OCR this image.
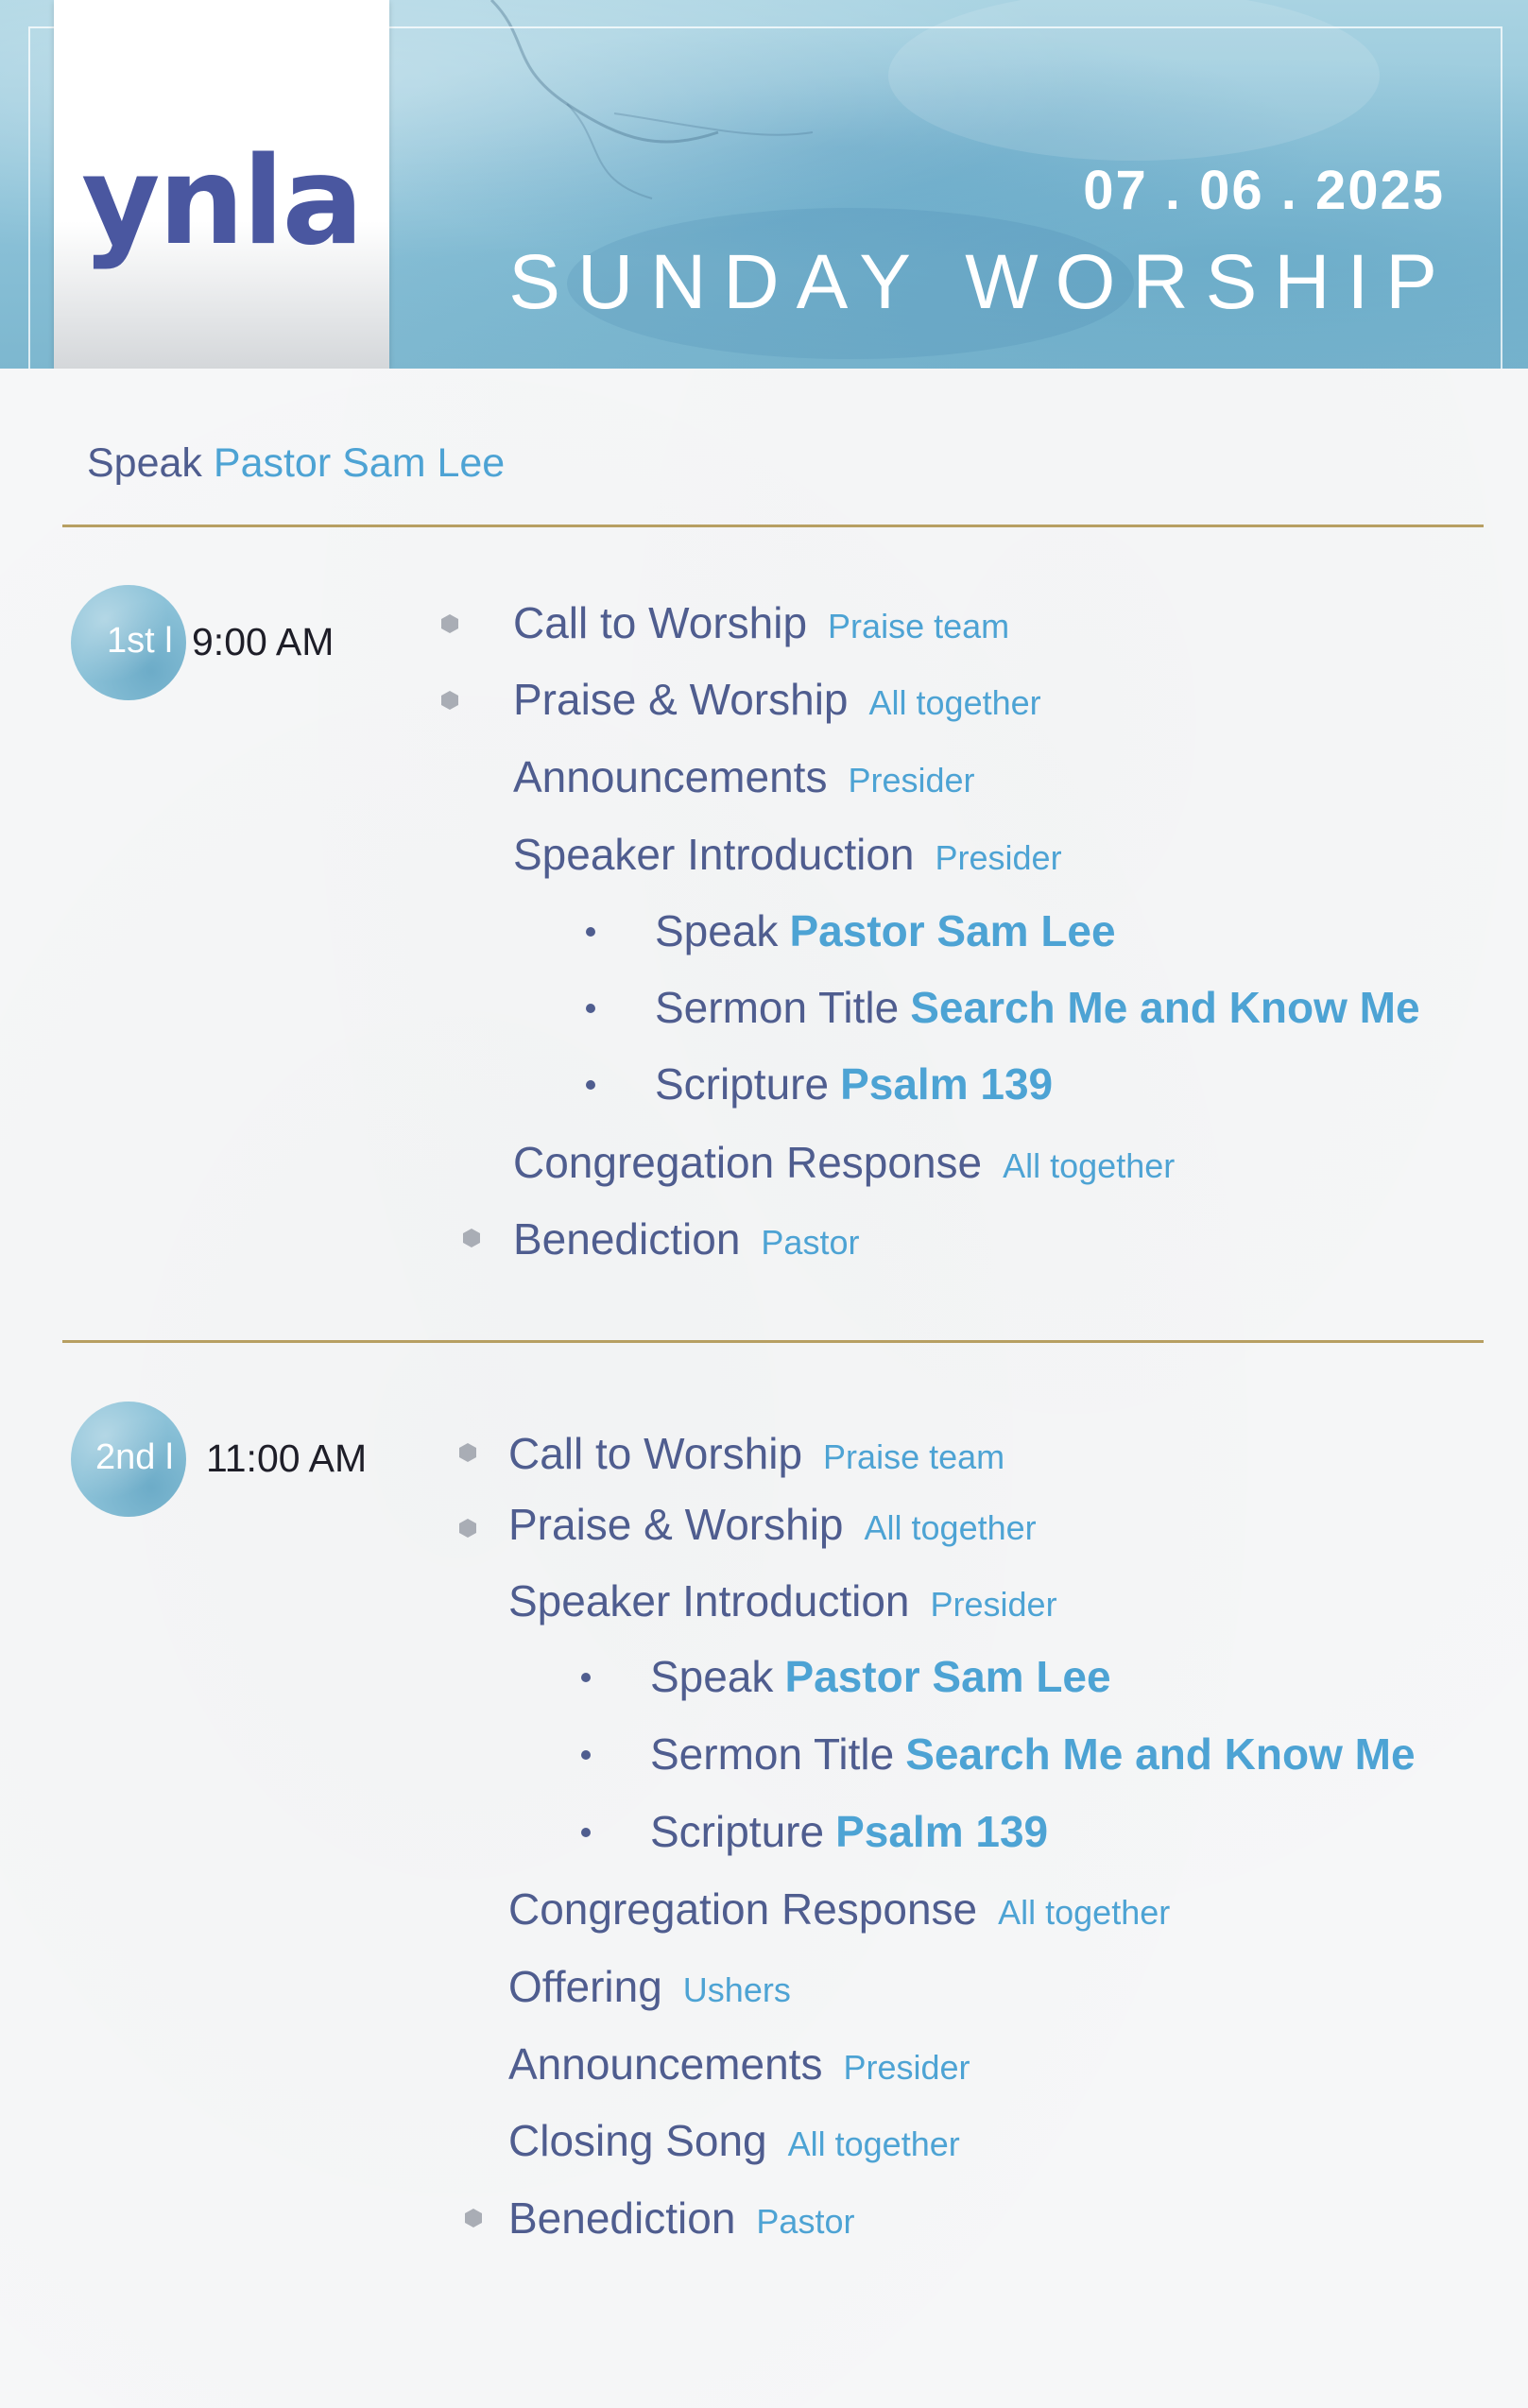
ynla	07 . 06 . 2025
SUNDAY WORSHIP
Speak Pastor Sam Lee
1st l 9:00 AM	Call to Worship Praise team
Praise & Worship All together
Announcements Presider
Speaker Introduction Presider
Speak Pastor Sam Lee
Sermon Title Search Me and Know Me
Scripture Psalm 139
Congregation Response All together
Benediction Pastor
2nd l 11:00 AM	Call to Worship Praise team
Praise & Worship All together
Speaker Introduction Presider
Speak Pastor Sam Lee
Sermon Title Search Me and Know Me
Scripture Psalm 139
Congregation Response All together
Offering Ushers
Announcements Presider
Closing Song All together
Benediction Pastor
